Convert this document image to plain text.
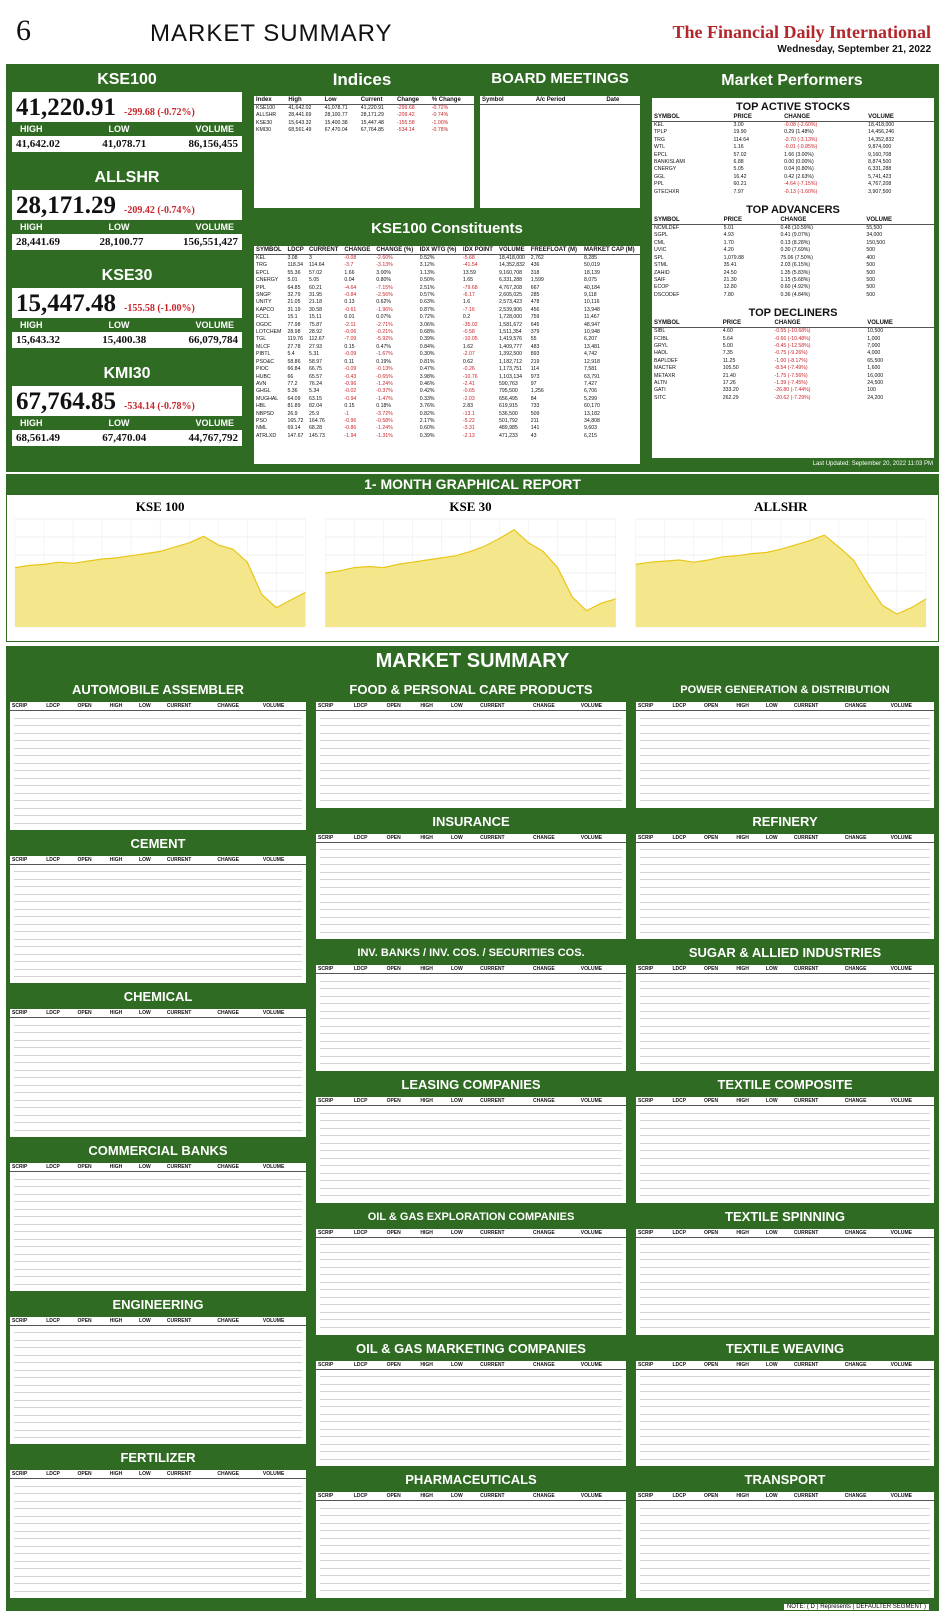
6	MARKET SUMMARY	The Financial Daily International
Wednesday, September 21, 2022
KSE100
41,220.91 -299.68 (-0.72%)
HIGH	LOW	VOLUME
41,642.02	41,078.71	86,156,455
ALLSHR
28,171.29 -209.42 (-0.74%)
HIGH	LOW	VOLUME
28,441.69	28,100.77	156,551,427
KSE30
15,447.48 -155.58 (-1.00%)
HIGH	LOW	VOLUME
15,643.32	15,400.38	66,079,784
KMI30
67,764.85 -534.14 (-0.78%)
HIGH	LOW	VOLUME
68,561.49	67,470.04	44,767,792
Indices
Index	High	Low	Current	Change	% Change
KSE100	41,642.02	41,078.71	41,220.91	-299.68	-0.72%
ALLSHR	28,441.69	28,100.77	28,171.29	-209.42	-0.74%
KSE30	15,643.32	15,400.38	15,447.48	-155.58	-1.00%
KMI30	68,561.49	67,470.04	67,764.85	-534.14	-0.78%
BOARD MEETINGS
Symbol	A/c Period	Date
KSE100 Constituents
SYMBOL	LDCP	CURRENT	CHANGE	CHANGE (%)	IDX WTG (%)	IDX POINT	VOLUME	FREEFLOAT (M)	MARKET CAP (M)
KEL	3.08	3	-0.08	-2.60%	0.52%	-5.68	18,418,000	2,762	8,285
TRG	118.34	114.64	-3.7	-3.13%	3.12%	-41.54	14,352,832	436	50,019
EPCL	55.36	57.02	1.66	3.00%	1.13%	13.59	9,160,708	318	18,139
CNERGY	5.01	5.05	0.04	0.80%	0.50%	1.65	6,331,288	1,599	8,075
PPL	64.85	60.21	-4.64	-7.15%	2.51%	-79.68	4,767,208	667	40,184
SNGP	32.79	31.95	-0.84	-2.56%	0.57%	-6.17	2,605,025	285	9,118
UNITY	21.05	21.18	0.13	0.62%	0.63%	1.6	2,573,423	478	10,116
KAPCO	31.19	30.58	-0.61	-1.96%	0.87%	-7.16	2,539,906	456	13,948
FCCL	15.1	15.11	0.01	0.07%	0.72%	0.2	1,728,000	759	11,467
OGDC	77.98	75.87	-2.11	-2.71%	3.06%	-35.02	1,581,672	645	48,947
LOTCHEM	28.98	28.92	-0.06	-0.21%	0.68%	-0.58	1,511,354	379	10,948
TGL	119.76	112.67	-7.09	-5.92%	0.39%	-10.05	1,419,576	55	6,207
MLCF	27.78	27.93	0.15	0.47%	0.84%	1.62	1,409,777	483	13,481
PIBTL	5.4	5.31	-0.09	-1.67%	0.30%	-2.07	1,392,500	893	4,742
PSO&C	58.86	58.97	0.11	0.19%	0.81%	0.62	1,182,712	219	12,918
PIOC	66.84	66.75	-0.09	-0.13%	0.47%	-0.26	1,173,751	114	7,581
HUBC	66	65.57	-0.43	-0.65%	3.98%	-10.76	1,103,134	973	63,791
AVN	77.2	76.24	-0.96	-1.24%	0.46%	-2.41	590,763	97	7,427
GHGL	5.36	5.34	-0.02	-0.37%	0.42%	-0.65	795,500	1,256	6,706
MUGHAL	64.09	63.15	-0.94	-1.47%	0.33%	-2.03	656,495	84	5,299
HBL	81.89	82.04	0.15	0.18%	3.76%	2.83	619,915	733	60,170
NBPSD	26.9	25.9	-1	-3.72%	0.82%	-13.1	536,500	509	13,182
PSO	165.72	164.76	-0.96	-0.58%	2.17%	-5.22	501,792	211	34,808
NML	69.14	68.28	-0.86	-1.24%	0.60%	-3.31	489,985	141	9,603
ATRLXD	147.67	145.73	-1.94	-1.31%	0.39%	-2.13	471,233	43	6,215
Market Performers
TOP ACTIVE STOCKS
SYMBOL	PRICE	CHANGE	VOLUME
KEL	3.00	-0.08 (-2.60%)	18,418,000
TPLP	19.90	0.29 (1.48%)	14,456,246
TRG	114.64	-3.70 (-3.13%)	14,352,832
WTL	1.16	-0.01 (-0.85%)	9,874,000
EPCL	57.02	1.66 (3.00%)	9,160,708
BANKISLAMI	6.88	0.00 (0.00%)	8,874,500
CNERGY	5.05	0.04 (0.80%)	6,331,288
GGL	16.42	0.42 (2.63%)	5,741,423
PPL	60.21	-4.64 (-7.15%)	4,767,208
GTECHXR	7.97	-0.13 (-1.60%)	3,907,500
TOP ADVANCERS
SYMBOL	PRICE	CHANGE	VOLUME
NCMLDEF	5.01	0.48 (10.59%)	55,500
SGPL	4.93	0.41 (9.07%)	34,000
CML	1.70	0.13 (8.28%)	150,500
UVIC	4.20	0.30 (7.69%)	500
SPL	1,079.88	75.06 (7.50%)	400
STML	35.41	2.03 (6.15%)	500
ZAHID	24.50	1.35 (5.83%)	500
SAIF	21.30	1.15 (5.68%)	500
ECOP	12.80	0.60 (4.92%)	500
DSCODEF	7.80	0.36 (4.84%)	500
TOP DECLINERS
SYMBOL	PRICE	CHANGE	VOLUME
SIBL	4.60	-0.55 (-10.68%)	10,500
FCIBL	5.64	-0.66 (-10.48%)	1,000
GRYL	5.00	-0.45 (-12.58%)	7,000
HADL	7.35	-0.75 (-9.26%)	4,000
BAPLDEF	11.25	-1.00 (-8.17%)	65,500
MACTER	105.50	-8.54 (-7.49%)	1,600
METAXR	21.40	-1.75 (-7.56%)	16,000
ALTN	17.26	-1.39 (-7.45%)	24,500
GATI	333.20	-26.80 (-7.44%)	100
SITC	262.29	-20.62 (-7.29%)	24,200
Last Updated: September 20, 2022 11:03 PM
1- MONTH GRAPHICAL REPORT
KSE 100	KSE 30	ALLSHR
MARKET SUMMARY
AUTOMOBILE ASSEMBLER
SCRIP	LDCP	OPEN	HIGH	LOW	CURRENT	CHANGE	VOLUME
CEMENT
SCRIP	LDCP	OPEN	HIGH	LOW	CURRENT	CHANGE	VOLUME
CHEMICAL
SCRIP	LDCP	OPEN	HIGH	LOW	CURRENT	CHANGE	VOLUME
COMMERCIAL BANKS
SCRIP	LDCP	OPEN	HIGH	LOW	CURRENT	CHANGE	VOLUME
ENGINEERING
SCRIP	LDCP	OPEN	HIGH	LOW	CURRENT	CHANGE	VOLUME
FERTILIZER
SCRIP	LDCP	OPEN	HIGH	LOW	CURRENT	CHANGE	VOLUME
FOOD & PERSONAL CARE PRODUCTS
SCRIP	LDCP	OPEN	HIGH	LOW	CURRENT	CHANGE	VOLUME
INSURANCE
SCRIP	LDCP	OPEN	HIGH	LOW	CURRENT	CHANGE	VOLUME
INV. BANKS / INV. COS. / SECURITIES COS.
SCRIP	LDCP	OPEN	HIGH	LOW	CURRENT	CHANGE	VOLUME
LEASING COMPANIES
SCRIP	LDCP	OPEN	HIGH	LOW	CURRENT	CHANGE	VOLUME
OIL & GAS EXPLORATION COMPANIES
SCRIP	LDCP	OPEN	HIGH	LOW	CURRENT	CHANGE	VOLUME
OIL & GAS MARKETING COMPANIES
SCRIP	LDCP	OPEN	HIGH	LOW	CURRENT	CHANGE	VOLUME
PHARMACEUTICALS
SCRIP	LDCP	OPEN	HIGH	LOW	CURRENT	CHANGE	VOLUME
POWER GENERATION & DISTRIBUTION
SCRIP	LDCP	OPEN	HIGH	LOW	CURRENT	CHANGE	VOLUME
REFINERY
SCRIP	LDCP	OPEN	HIGH	LOW	CURRENT	CHANGE	VOLUME
SUGAR & ALLIED INDUSTRIES
SCRIP	LDCP	OPEN	HIGH	LOW	CURRENT	CHANGE	VOLUME
TEXTILE COMPOSITE
SCRIP	LDCP	OPEN	HIGH	LOW	CURRENT	CHANGE	VOLUME
TEXTILE SPINNING
SCRIP	LDCP	OPEN	HIGH	LOW	CURRENT	CHANGE	VOLUME
TEXTILE WEAVING
SCRIP	LDCP	OPEN	HIGH	LOW	CURRENT	CHANGE	VOLUME
TRANSPORT
SCRIP	LDCP	OPEN	HIGH	LOW	CURRENT	CHANGE	VOLUME
NOTE: ( D ) Represents ( DEFAULTER SEGMENT )
